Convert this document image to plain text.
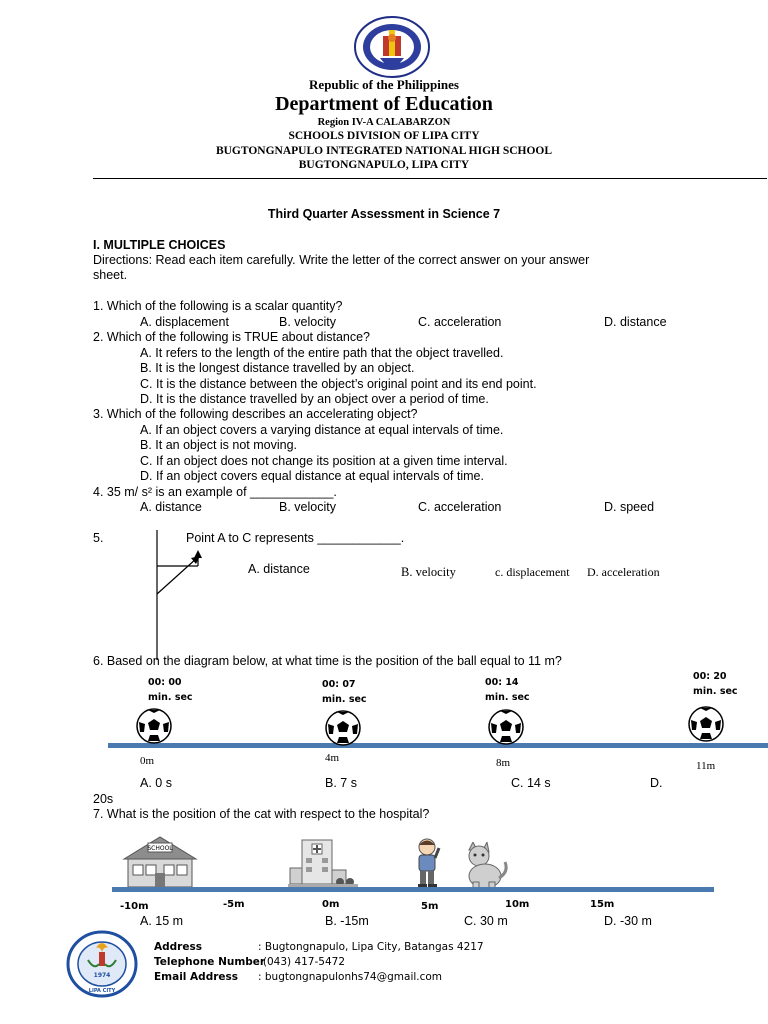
Republic of the Philippines
Department of Education
Region IV-A CALABARZON
SCHOOLS DIVISION OF LIPA CITY
BUGTONGNAPULO INTEGRATED NATIONAL HIGH SCHOOL
BUGTONGNAPULO, LIPA CITY
Third Quarter Assessment in Science 7
I. MULTIPLE CHOICES
Directions: Read each item carefully. Write the letter of the correct answer on your answer
sheet.
1. Which of the following is a scalar quantity?
A. displacement	B. velocity	C. acceleration	D. distance
2. Which of the following is TRUE about distance?
A. It refers to the length of the entire path that the object travelled.
B. It is the longest distance travelled by an object.
C. It is the distance between the object’s original point and its end point.
D. It is the distance travelled by an object over a period of time.
3. Which of the following describes an accelerating object?
A. If an object covers a varying distance at equal intervals of time.
B. It an object is not moving.
C. If an object does not change its position at a given time interval.
D. If an object covers equal distance at equal intervals of time.
4. 35 m/ s² is an example of ____________.
A. distance	B. velocity	C. acceleration	D. speed
5.	Point A to C represents ____________.
A. distance	B. velocity	c. displacement D. acceleration
6. Based on the diagram below, at what time is the position of the ball equal to 11 m?
00: 00
min. sec
00: 07
min. sec
00: 14
min. sec
00: 20
min. sec
0m	4m	8m	11m
A. 0 s	B. 7 s	C. 14 s	D.
20s
7. What is the position of the cat with respect to the hospital?
SCHOOL
-10m	-5m	0m	5m	10m	15m
A. 15 m	B. -15m	C. 30 m	D. -30 m
1974
LIPA CITY
Address	: Bugtongnapulo, Lipa City, Batangas 4217
Telephone Number
: (043) 417-5472
Email Address : bugtongnapulonhs74@gmail.com
